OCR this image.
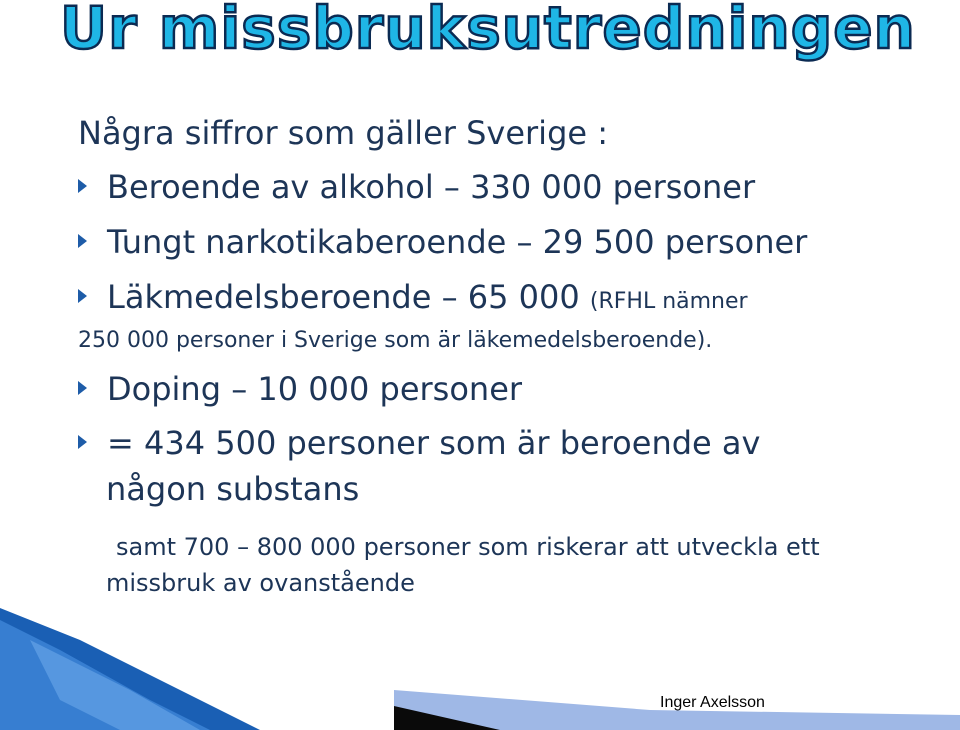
Ur missbruksutredningen
Några siffror som gäller Sverige :
Beroende av alkohol – 330 000 personer
Tungt narkotikaberoende – 29 500 personer
Läkmedelsberoende – 65 000 (RFHL nämner
250 000 personer i Sverige som är läkemedelsberoende).
Doping – 10 000 personer
= 434 500 personer som är beroende av
någon substans
samt 700 – 800 000 personer som riskerar att utveckla ett
missbruk av ovanstående
Inger Axelsson
